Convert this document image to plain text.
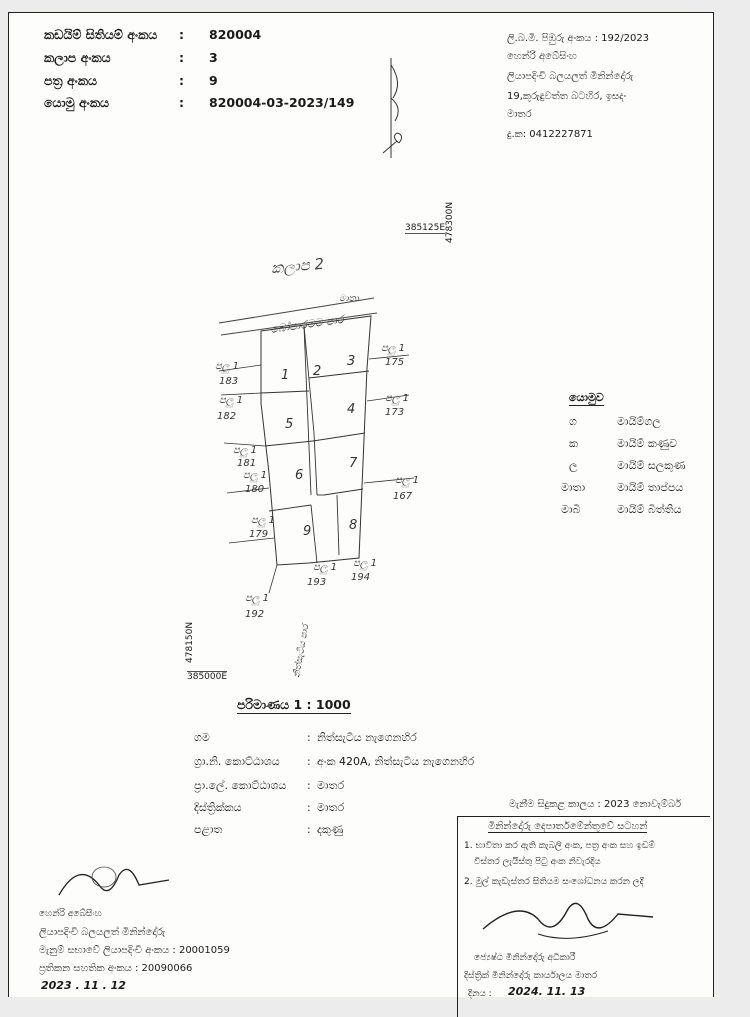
කඩයිම් සිතියම් අංකය : 820004
කලාප අංකය	: 3
පත්‍ර අංකය	: 9
යොමු අංකය	: 820004-03-2023/149
ලි.බ.මි. පිඹුරු අංකය : 192/2023
හෙන්රි අබේසිංහ
ලියාපදිංචි බලයලත් මිනින්දෝරු
19,කුරුඳුවත්ත බටහිර, ඉසදං
මාතර
දු.ක: 0412227871
385125E 478300N
385000E
478150N
කලාප 2
1 2
3
4
5
6
7
8
9
පලු 1
175
පලු 1
183
පලු 1
182
පලු 1
173
පලු 1
181
පලු 1
180
පලු 1
167
පලු 1
179
පලු 1
193
පලු 1
194
පලු 1
192
බෝපාරමම පාර
මාතා
නිත්සැටිය පාර
යොමුව
ග	මායිම්ගල
ක	මායිම් කණුව
ල	මායිම් සලකුණ
මාතා	මායිම් තාප්පය
මාබි	මායිම් බිත්තිය
පරිමාණය 1 : 1000
ගම	: නිත්සැටිය නැගෙනහිර
ග්‍රා.නි. කොට්ඨාශය : අංක 420A, නිත්සැටිය නැගෙනහිර
ප්‍රා.ලේ. කොට්ඨාශය : මාතර
දිස්ත්‍රික්කය	: මාතර
පළාත	: දකුණු
මැනීම සිදුකළ කාලය : 2023 නොවැම්බර්
මිනින්දෝරු දෙපාර්තමේන්තුවේ සටහන්
1. භාවිතා කර ඇති කැබලි අංක, පත්‍ර අංක සහ ඉඩම්
විස්තර ලැයිස්තු පිටු අංක නිවැරදිය
2. මුල් කැඩැස්තර සිතියම සංශෝධනය කරන ලදී
ජ්‍යෙෂ්ඨ මිනින්දෝරු අධිකාරී
දිස්ත්‍රික් මිනින්දෝරු කාර්යාලය මාතර
දිනය : 2024. 11. 13
හෙන්රි අබේසිංහ
ලියාපදිංචි බලයලත් මිනින්දෝරු
මැනුම් සභාවේ ලියාපදිංචි අංකය : 20001059
ප්‍රතිකන සහතික අංකය : 20090066
2023 . 11 . 12
